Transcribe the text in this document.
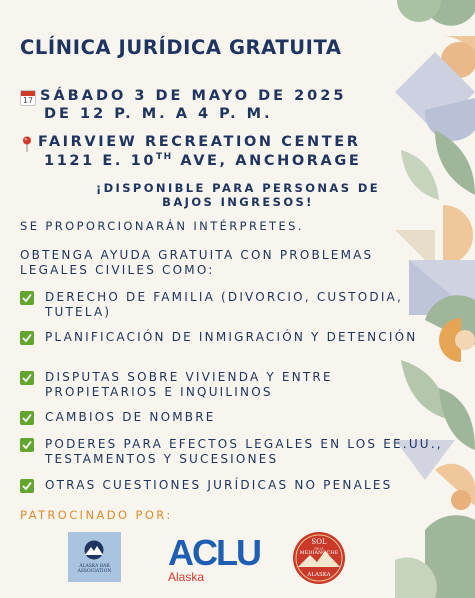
CLÍNICA JURÍDICA GRATUITA
17 SÁBADO 3 DE MAYO DE 2025
DE 12 P. M. A 4 P. M.
FAIRVIEW RECREATION CENTER
1121 E. 10TH AVE, ANCHORAGE
¡DISPONIBLE PARA PERSONAS DE BAJOS INGRESOS!
SE PROPORCIONARÁN INTÉRPRETES.
OBTENGA AYUDA GRATUITA CON PROBLEMAS LEGALES CIVILES COMO:
DERECHO DE FAMILIA (DIVORCIO, CUSTODIA, TUTELA)
PLANIFICACIÓN DE INMIGRACIÓN Y DETENCIÓN
DISPUTAS SOBRE VIVIENDA Y ENTRE PROPIETARIOS E INQUILINOS
CAMBIOS DE NOMBRE
PODERES PARA EFECTOS LEGALES EN LOS EE.UU., TESTAMENTOS Y SUCESIONES
OTRAS CUESTIONES JURÍDICAS NO PENALES
PATROCINADO POR:
ALASKA BAR
ASSOCIATION ACLU
Alaska
SOL
DE LA
MEDIANOCHE
ALASKA
